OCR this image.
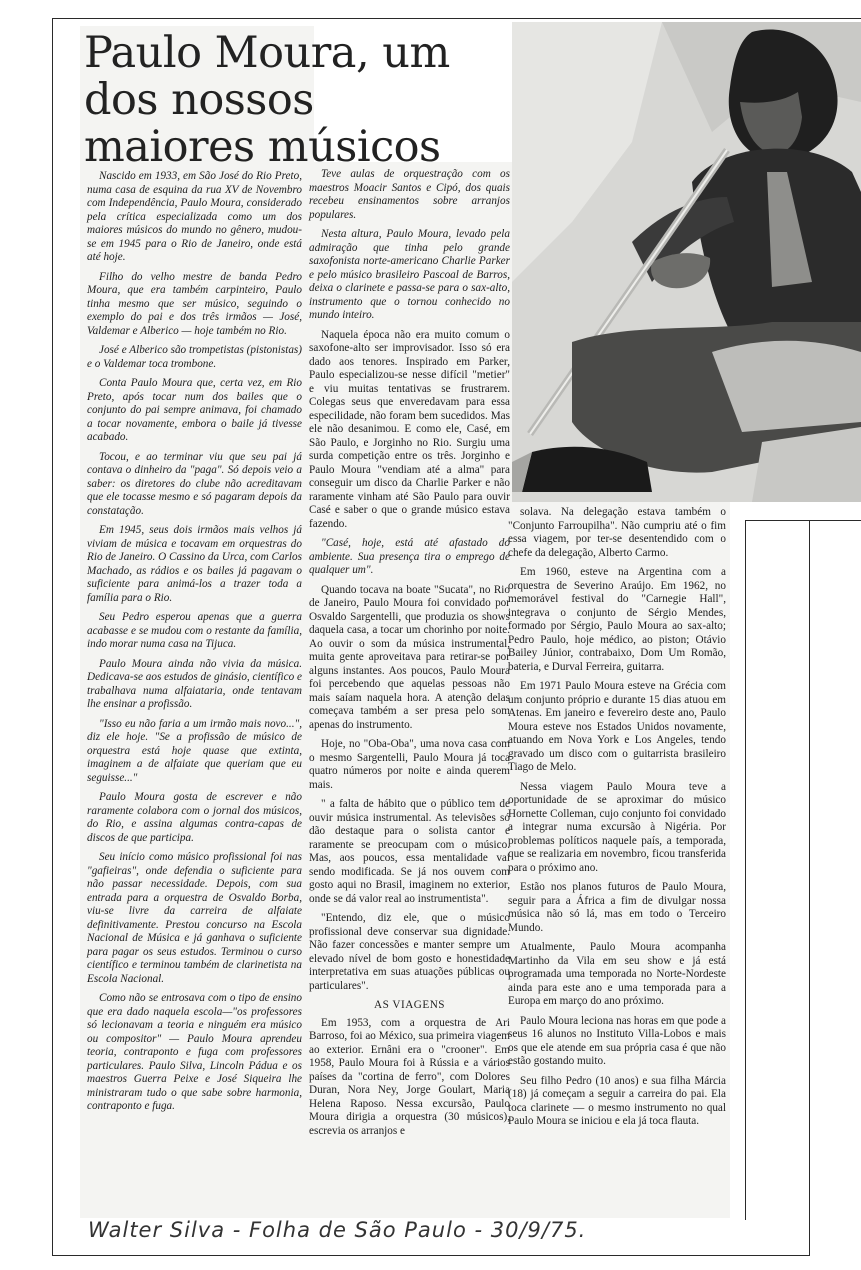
Paulo Moura, um dos nossos maiores músicos

Nascido em 1933, em São José do Rio Preto, numa casa de esquina da rua XV de Novembro com Independência, Paulo Moura, considerado pela crítica especializada como um dos maiores músicos do mundo no gênero, mudou-se em 1945 para o Rio de Janeiro, onde está até hoje.

Filho do velho mestre de banda Pedro Moura, que era também carpinteiro, Paulo tinha mesmo que ser músico, seguindo o exemplo do pai e dos três irmãos — José, Valdemar e Alberico — hoje também no Rio.

José e Alberico são trompetistas (pistonistas) e o Valdemar toca trombone.

Conta Paulo Moura que, certa vez, em Rio Preto, após tocar num dos bailes que o conjunto do pai sempre animava, foi chamado a tocar novamente, embora o baile já tivesse acabado.

Tocou, e ao terminar viu que seu pai já contava o dinheiro da "paga". Só depois veio a saber: os diretores do clube não acreditavam que ele tocasse mesmo e só pagaram depois da constatação.

Em 1945, seus dois irmãos mais velhos já viviam de música e tocavam em orquestras do Rio de Janeiro. O Cassino da Urca, com Carlos Machado, as rádios e os bailes já pagavam o suficiente para animá-los a trazer toda a família para o Rio.

Seu Pedro esperou apenas que a guerra acabasse e se mudou com o restante da família, indo morar numa casa na Tijuca.

Paulo Moura ainda não vivia da música. Dedicava-se aos estudos de ginásio, científico e trabalhava numa alfaiataria, onde tentavam lhe ensinar a profissão.

"Isso eu não faria a um irmão mais novo...", diz ele hoje. "Se a profissão de músico de orquestra está hoje quase que extinta, imaginem a de alfaiate que queriam que eu seguisse..."

Paulo Moura gosta de escrever e não raramente colabora com o jornal dos músicos, do Rio, e assina algumas contra-capas de discos de que participa.

Seu início como músico profissional foi nas "gafieiras", onde defendia o suficiente para não passar necessidade. Depois, com sua entrada para a orquestra de Osvaldo Borba, viu-se livre da carreira de alfaiate definitivamente. Prestou concurso na Escola Nacional de Música e já ganhava o suficiente para pagar os seus estudos. Terminou o curso científico e terminou também de clarinetista na Escola Nacional.

Como não se entrosava com o tipo de ensino que era dado naquela escola—"os professores só lecionavam a teoria e ninguém era músico ou compositor" — Paulo Moura aprendeu teoria, contraponto e fuga com professores particulares. Paulo Silva, Lincoln Pádua e os maestros Guerra Peixe e José Siqueira lhe ministraram tudo o que sabe sobre harmonia, contraponto e fuga.

Teve aulas de orquestração com os maestros Moacir Santos e Cipó, dos quais recebeu ensinamentos sobre arranjos populares.

Nesta altura, Paulo Moura, levado pela admiração que tinha pelo grande saxofonista norte-americano Charlie Parker e pelo músico brasileiro Pascoal de Barros, deixa o clarinete e passa-se para o sax-alto, instrumento que o tornou conhecido no mundo inteiro.

Naquela época não era muito comum o saxofone-alto ser improvisador. Isso só era dado aos tenores. Inspirado em Parker, Paulo especializou-se nesse difícil "metier" e viu muitas tentativas se frustrarem. Colegas seus que enveredavam para essa especilidade, não foram bem sucedidos. Mas ele não desanimou. E como ele, Casé, em São Paulo, e Jorginho no Rio. Surgiu uma surda competição entre os três. Jorginho e Paulo Moura "vendiam até a alma" para conseguir um disco da Charlie Parker e não raramente vinham até São Paulo para ouvir Casé e saber o que o grande músico estava fazendo.

"Casé, hoje, está até afastado do ambiente. Sua presença tira o emprego de qualquer um".

Quando tocava na boate "Sucata", no Rio de Janeiro, Paulo Moura foi convidado por Osvaldo Sargentelli, que produzia os shows daquela casa, a tocar um chorinho por noite. Ao ouvir o som da música instrumental, muita gente aproveitava para retirar-se por alguns instantes. Aos poucos, Paulo Moura foi percebendo que aquelas pessoas não mais saíam naquela hora. A atenção delas começava também a ser presa pelo som apenas do instrumento.

Hoje, no "Oba-Oba", uma nova casa com o mesmo Sargentelli, Paulo Moura já toca quatro números por noite e ainda querem mais.

" a falta de hábito que o público tem de ouvir música instrumental. As televisões só dão destaque para o solista cantor e raramente se preocupam com o músico. Mas, aos poucos, essa mentalidade vai sendo modificada. Se já nos ouvem com gosto aqui no Brasil, imaginem no exterior, onde se dá valor real ao instrumentista".

"Entendo, diz ele, que o músico profissional deve conservar sua dignidade. Não fazer concessões e manter sempre um elevado nível de bom gosto e honestidade interpretativa em suas atuações públicas ou particulares".

AS VIAGENS

Em 1953, com a orquestra de Ari Barroso, foi ao México, sua primeira viagem ao exterior. Ernâni era o "crooner". Em 1958, Paulo Moura foi à Rússia e a vários países da "cortina de ferro", com Dolores Duran, Nora Ney, Jorge Goulart, Maria Helena Raposo. Nessa excursão, Paulo Moura dirigia a orquestra (30 músicos), escrevia os arranjos e

solava. Na delegação estava também o "Conjunto Farroupilha". Não cumpriu até o fim essa viagem, por ter-se desentendido com o chefe da delegação, Alberto Carmo.

Em 1960, esteve na Argentina com a orquestra de Severino Araújo. Em 1962, no memorável festival do "Carnegie Hall", integrava o conjunto de Sérgio Mendes, formado por Sérgio, Paulo Moura ao sax-alto; Pedro Paulo, hoje médico, ao piston; Otávio Bailey Júnior, contrabaixo, Dom Um Romão, bateria, e Durval Ferreira, guitarra.

Em 1971 Paulo Moura esteve na Grécia com um conjunto próprio e durante 15 dias atuou em Atenas. Em janeiro e fevereiro deste ano, Paulo Moura esteve nos Estados Unidos novamente, atuando em Nova York e Los Angeles, tendo gravado um disco com o guitarrista brasileiro Tiago de Melo.

Nessa viagem Paulo Moura teve a oportunidade de se aproximar do músico Hornette Colleman, cujo conjunto foi convidado a integrar numa excursão à Nigéria. Por problemas políticos naquele país, a temporada, que se realizaria em novembro, ficou transferida para o próximo ano.

Estão nos planos futuros de Paulo Moura, seguir para a África a fim de divulgar nossa música não só lá, mas em todo o Terceiro Mundo.

Atualmente, Paulo Moura acompanha Martinho da Vila em seu show e já está programada uma temporada no Norte-Nordeste ainda para este ano e uma temporada para a Europa em março do ano próximo.

Paulo Moura leciona nas horas em que pode a seus 16 alunos no Instituto Villa-Lobos e mais os que ele atende em sua própria casa é que não estão gostando muito.

Seu filho Pedro (10 anos) e sua filha Márcia (18) já começam a seguir a carreira do pai. Ela toca clarinete — o mesmo instrumento no qual Paulo Moura se iniciou e ela já toca flauta.

Walter Silva - Folha de São Paulo - 30/9/75.
